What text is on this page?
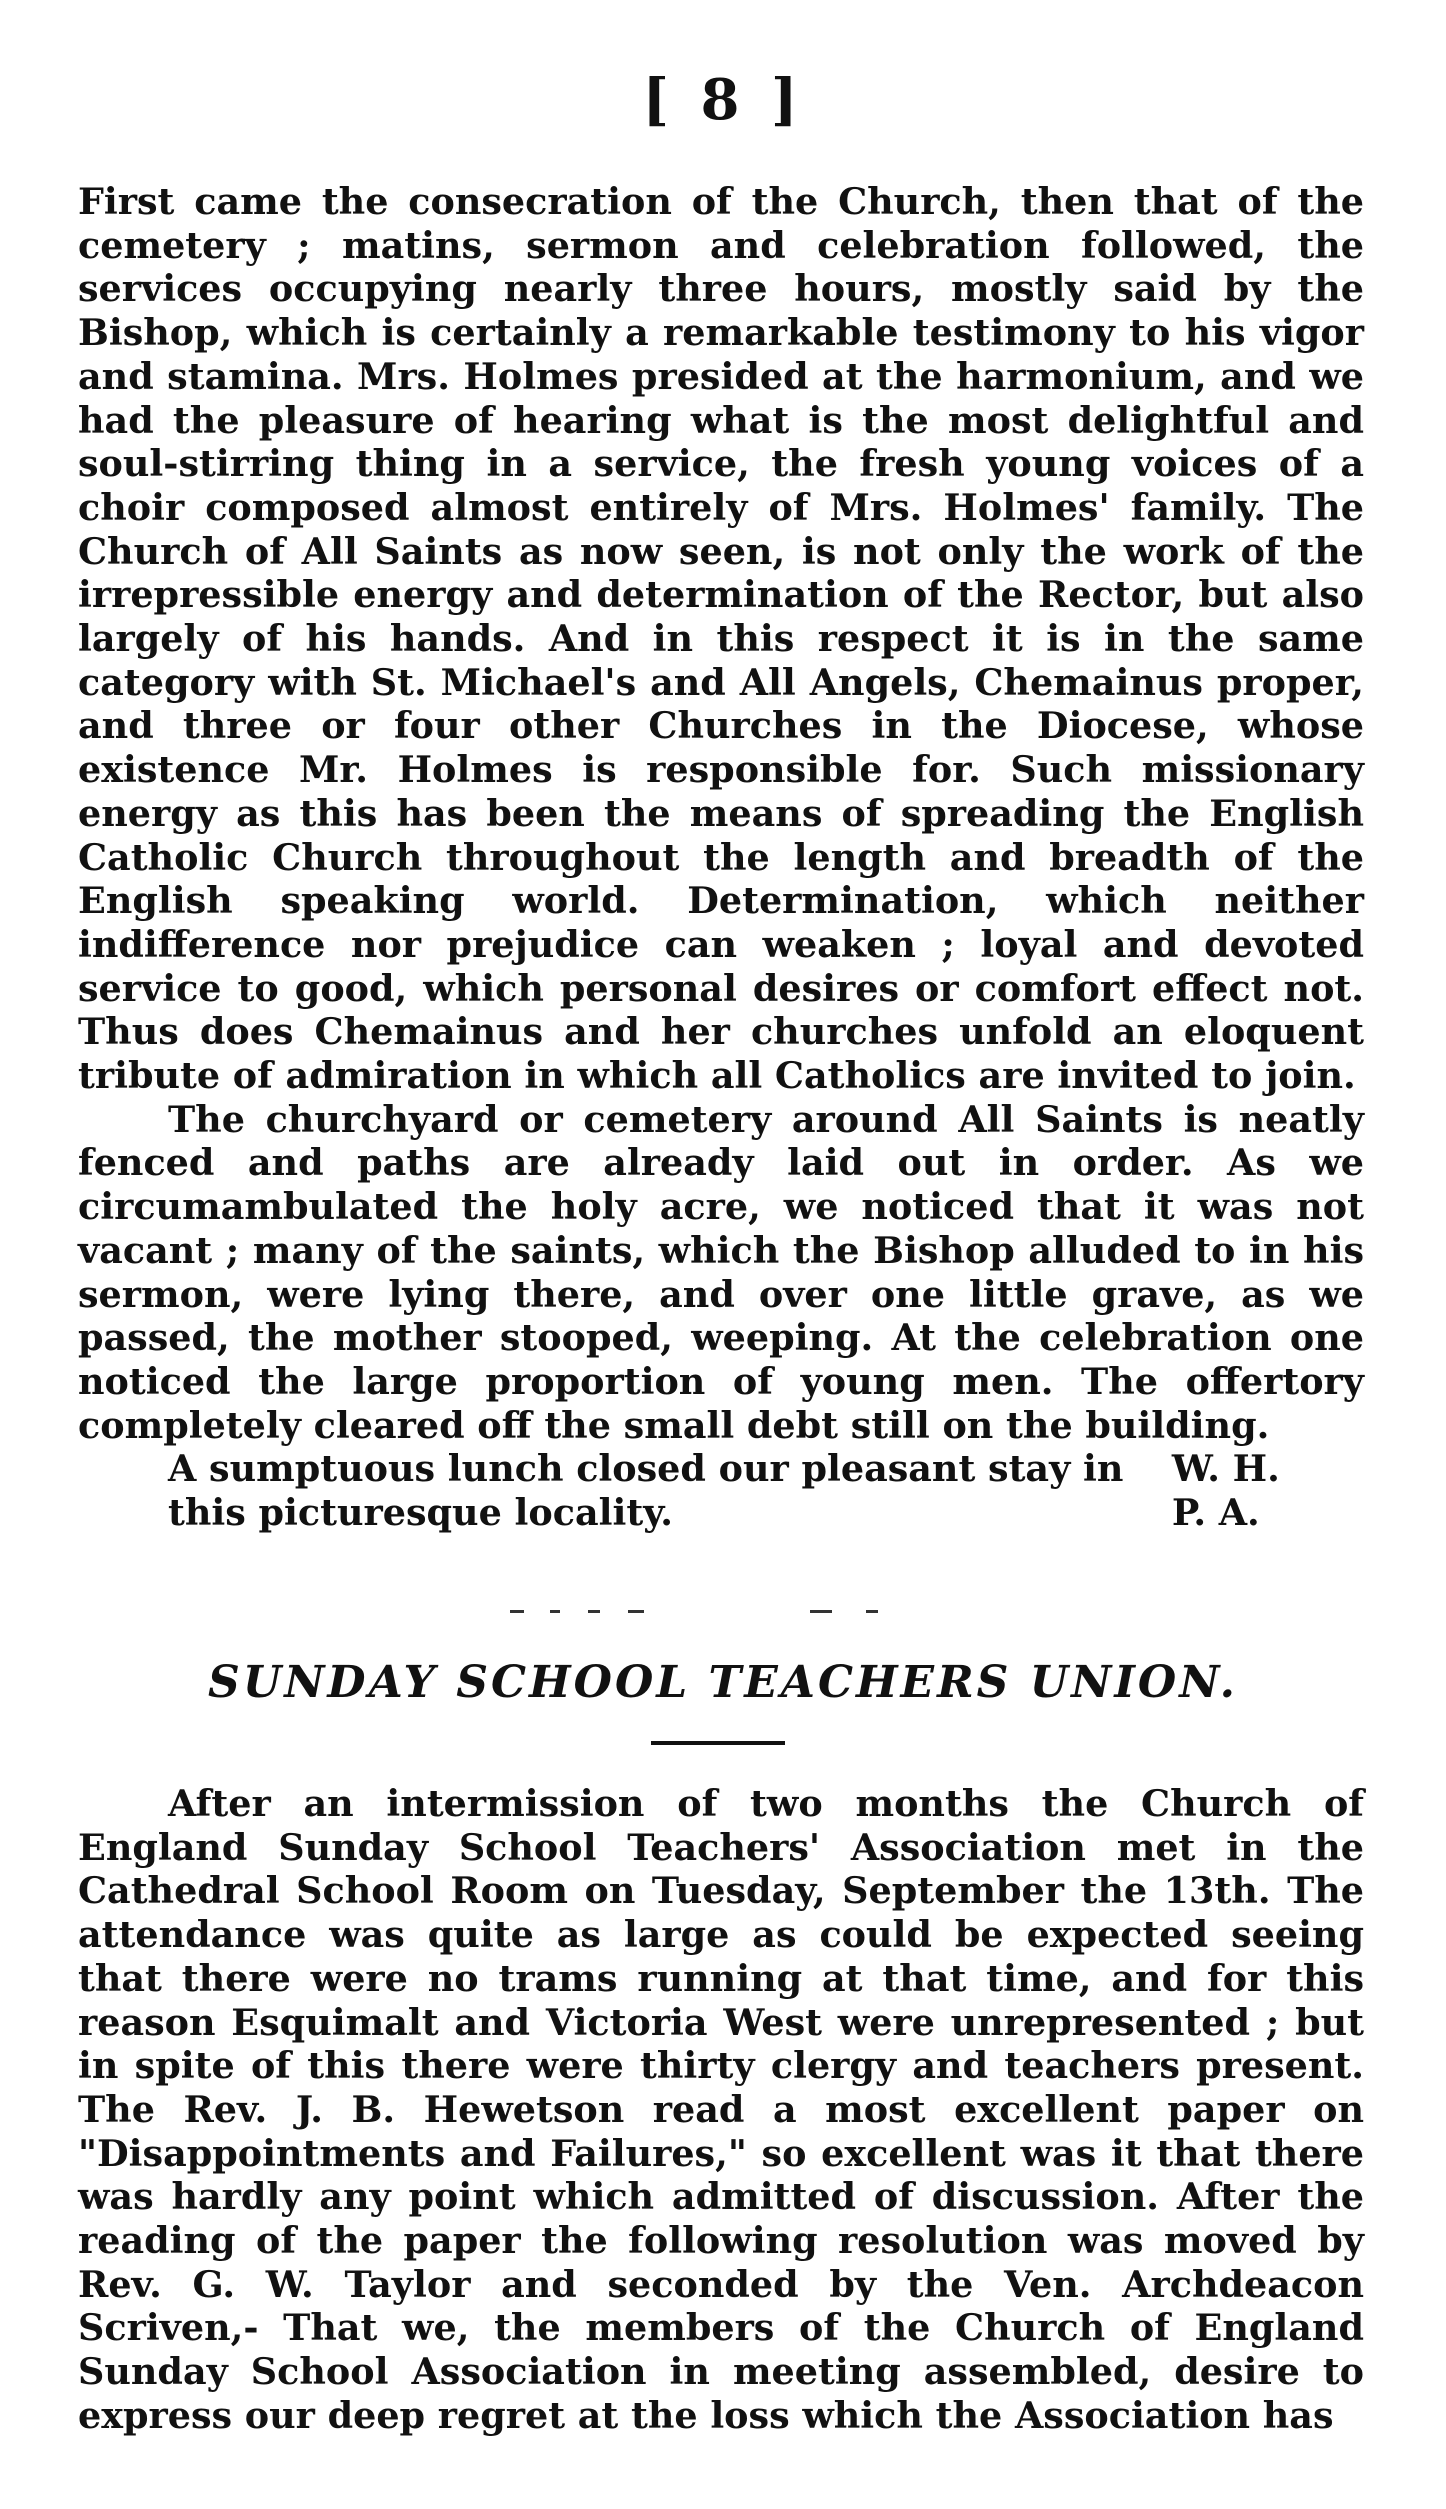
[ 8 ]

First came the consecration of the Church, then that of the cemetery ; matins, sermon and celebration followed, the services occupying nearly three hours, mostly said by the Bishop, which is certainly a remarkable testimony to his vigor and stamina. Mrs. Holmes presided at the harmonium, and we had the pleasure of hearing what is the most delightful and soul-stirring thing in a service, the fresh young voices of a choir composed almost entirely of Mrs. Holmes' family. The Church of All Saints as now seen, is not only the work of the irrepressible energy and determination of the Rector, but also largely of his hands. And in this respect it is in the same category with St. Michael's and All Angels, Chemainus proper, and three or four other Churches in the Diocese, whose existence Mr. Holmes is responsible for. Such missionary energy as this has been the means of spreading the English Catholic Church throughout the length and breadth of the English speaking world. Determination, which neither indifference nor prejudice can weaken ; loyal and devoted service to good, which personal desires or comfort effect not. Thus does Chemainus and her churches unfold an eloquent tribute of admiration in which all Catholics are invited to join.

The churchyard or cemetery around All Saints is neatly fenced and paths are already laid out in order. As we circumambulated the holy acre, we noticed that it was not vacant ; many of the saints, which the Bishop alluded to in his sermon, were lying there, and over one little grave, as we passed, the mother stooped, weeping. At the celebration one noticed the large proportion of young men. The offertory completely cleared off the small debt still on the building.

A sumptuous lunch closed our pleasant stay in this picturesque locality.
W. H. P. A.
SUNDAY SCHOOL TEACHERS UNION.

After an intermission of two months the Church of England Sunday School Teachers' Association met in the Cathedral School Room on Tuesday, September the 13th. The attendance was quite as large as could be expected seeing that there were no trams running at that time, and for this reason Esquimalt and Victoria West were unrepresented ; but in spite of this there were thirty clergy and teachers present. The Rev. J. B. Hewetson read a most excellent paper on "Disappointments and Failures," so excellent was it that there was hardly any point which admitted of discussion. After the reading of the paper the following resolution was moved by Rev. G. W. Taylor and seconded by the Ven. Archdeacon Scriven,- That we, the members of the Church of England Sunday School Association in meeting assembled, desire to express our deep regret at the loss which the Association has
